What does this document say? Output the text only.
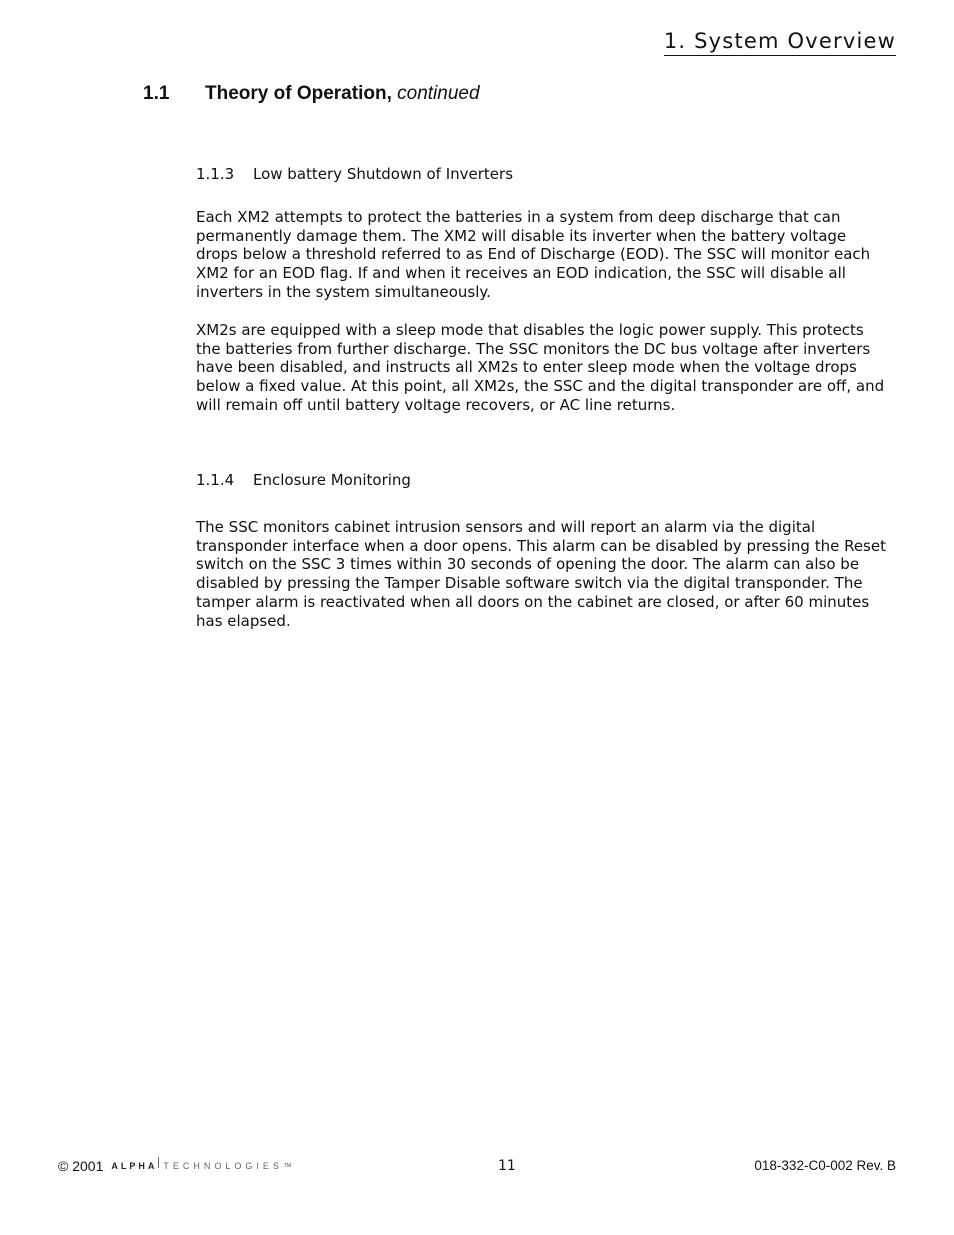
1. System Overview
1.1 Theory of Operation, continued
1.1.3 Low battery Shutdown of Inverters

Each XM2 attempts to protect the batteries in a system from deep discharge that can permanently damage them. The XM2 will disable its inverter when the battery voltage drops below a threshold referred to as End of Discharge (EOD). The SSC will monitor each XM2 for an EOD flag. If and when it receives an EOD indication, the SSC will disable all inverters in the system simultaneously.

XM2s are equipped with a sleep mode that disables the logic power supply. This protects the batteries from further discharge. The SSC monitors the DC bus voltage after inverters have been disabled, and instructs all XM2s to enter sleep mode when the voltage drops below a fixed value. At this point, all XM2s, the SSC and the digital transponder are off, and will remain off until battery voltage recovers, or AC line returns.

1.1.4 Enclosure Monitoring

The SSC monitors cabinet intrusion sensors and will report an alarm via the digital transponder interface when a door opens. This alarm can be disabled by pressing the Reset switch on the SSC 3 times within 30 seconds of opening the door. The alarm can also be disabled by pressing the Tamper Disable software switch via the digital transponder. The tamper alarm is reactivated when all doors on the cabinet are closed, or after 60 minutes has elapsed.

© 2001 ALPHA TECHNOLOGIES TM	11	018-332-C0-002 Rev. B
